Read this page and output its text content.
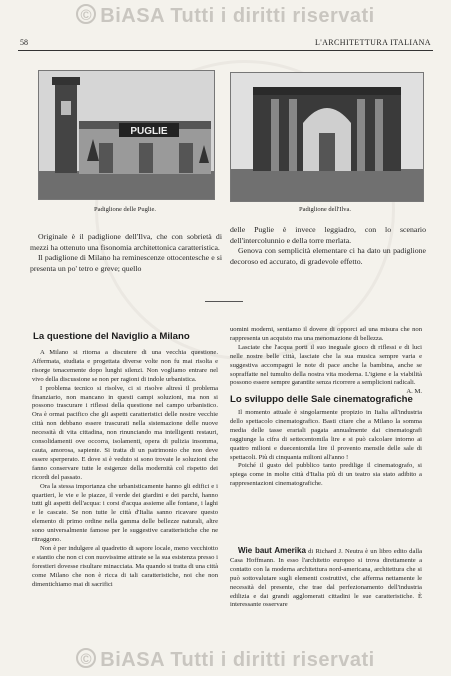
© BiASA Tutti i diritti riservati
58	L'ARCHITETTURA ITALIANA
PUGLIE
Padiglione delle Puglie.	Padiglione dell'Ilva.

Originale è il padiglione dell'Ilva, che con sobrietà di mezzi ha ottenuto una fisonomia architettonica caratteristica.

Il padiglione di Milano ha reminescenze ottocentesche e si presenta un po' tetro e greve; quello

delle Puglie è invece leggiadro, con lo scenario dell'intercolunnio e della torre merlata.

Genova con semplicità elementare ci ha dato un padiglione decoroso ed accurato, di gradevole effetto.

La questione del Naviglio a Milano

A Milano si ritorna a discutere di una vecchia questione. Affermata, studiata e progettata diverse volte non fu mai risolta e risorge tenacemente dopo lunghi silenzi. Non vogliamo entrare nel vivo della discussione se non per ragioni di indole urbanistica.

I problema tecnico si risolve, ci si risolve altresì il problema finanziario, non mancano in questi campi soluzioni, ma non si possono trascurare i riflessi della questione nel campo urbanistico. Ora è ormai pacifico che gli aspetti caratteristici delle nostre vecchie città non debbano essere trascurati nella sistemazione delle nuove necessità di vita cittadina, non rinunciando ma intelligenti restauri, consolidamenti ove occorra, isolamenti, opera di pulizia insomma, cauta, amorosa, sapiente. Si tratta di un patrimonio che non deve essere sperperato. E dove si è veduto si sono trovate le soluzioni che fanno conservare tutte le esigenze della modernità col rispetto dei ricordi del passato.

Ora la stessa importanza che urbanisticamente hanno gli edifici e i quartieri, le vie e le piazze, il verde dei giardini e dei parchi, hanno tutti gli aspetti dell'acqua: i corsi d'acqua assieme alle fontane, i laghi e le cascate. Se non tutte le città d'Italia sanno ricavare questo elemento di primo ordine nella gamma delle bellezze naturali, altre sono universalmente famose per le suggestive caratteristiche che ne ritraggono.

Non è per indulgere al quadretto di sapore locale, meno vecchiotto e stantio che non ci con nuovissime attirate se la sua esistenza presso i forestieri dovesse risultare minacciata. Ma quando si tratta di una città come Milano che non è ricca di tali caratteristiche, noi che non dimentichiamo mai di sacrifici

uomini moderni, sentiamo il dovere di opporci ad una misura che non rappresenta un acquisto ma una menomazione di bellezza.

Lasciate che l'acqua porti il suo ineguale gioco di riflessi e di luci nelle nostre belle città, lasciate che la sua musica sempre varia e suggestiva accompagni le note di pace anche la bambina, anche se sopraffatte nel tumulto della nostra vita moderna. L'igiene e la viabilità possono essere sempre garantite senza ricorrere a semplicioni radicali.

A. M.

Lo sviluppo delle Sale cinematografiche

Il momento attuale è singolarmente propizio in Italia all'industria dello spettacolo cinematografico. Basti citare che a Milano la somma media delle tasse erariali pagata annualmente dai cinematografi raggiunge la cifra di settecentomila lire e si può calcolare intorno ai quattro milioni e duecentomila lire il provento mensile delle sale di spettacoli. Più di cinquanta milioni all'anno !

Poiché il gusto del pubblico tanto predilige il cinematografo, si spiega come in molte città d'Italia più di un teatro sia stato adibito a rappresentazioni cinematografiche.

Wie baut Amerika di Richard J. Neutra è un libro edito dalla Casa Hoffmann. In esso l'architetto europeo si trova direttamente a contatto con la moderna architettura nord-americana, architettura che si può sottovalutare sugli elementi costruttivi, che afferma nettamente le necessità del presente, che trae dal perfezionamento dell'industria edilizia e dai grandi agglomerati cittadini le sue caratteristiche. È interessante osservare

© BiASA Tutti i diritti riservati
